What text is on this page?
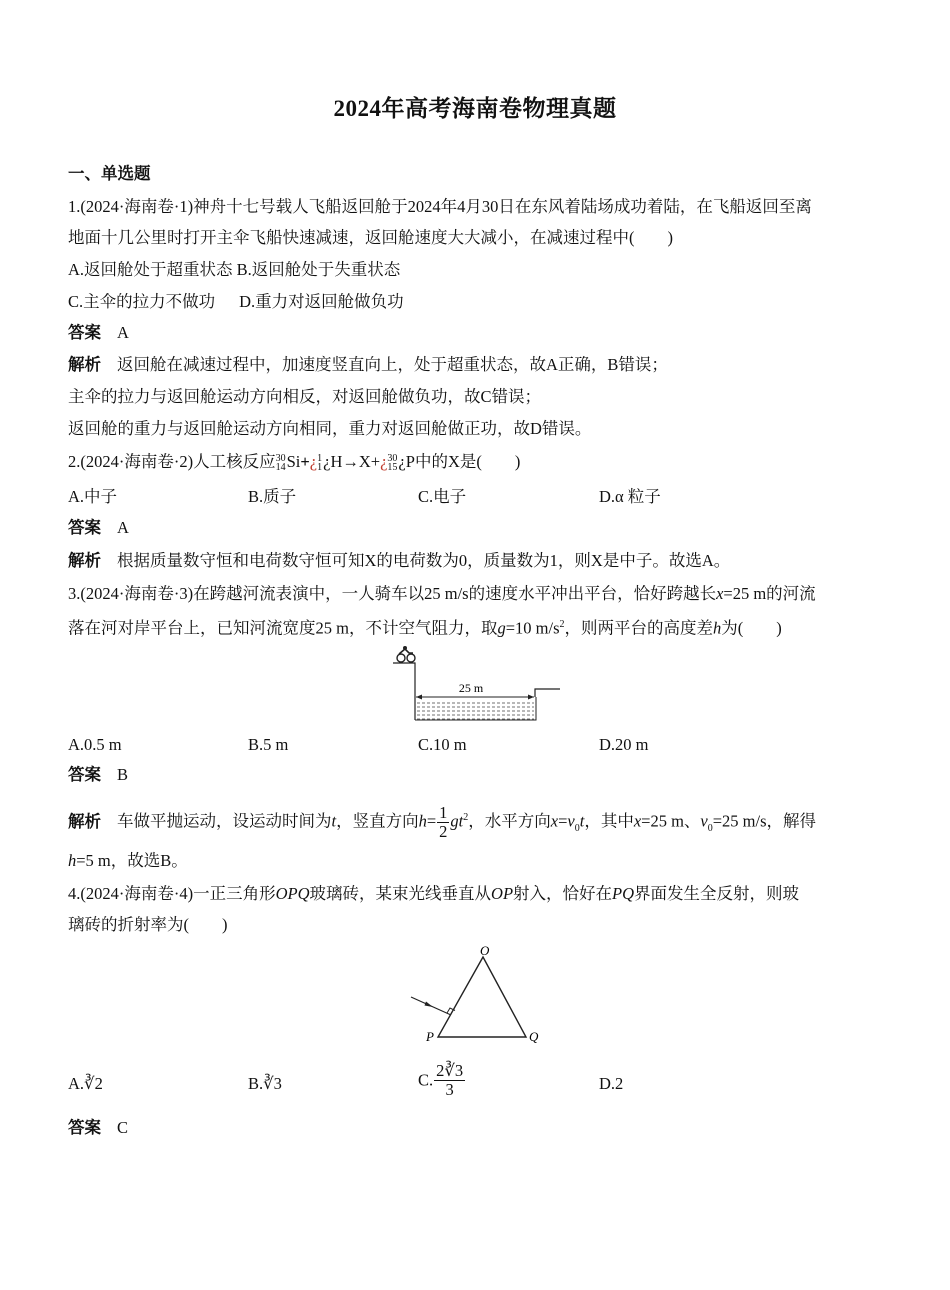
2024年高考海南卷物理真题
一、单选题
1.(2024·海南卷·1)神舟十七号载人飞船返回舱于2024年4月30日在东风着陆场成功着陆，在飞船返回至离
地面十几公里时打开主伞飞船快速减速，返回舱速度大大减小，在减速过程中(　　)
A.返回舱处于超重状态 B.返回舱处于失重状态
C.主伞的拉力不做功 D.重力对返回舱做负功
答案 A
解析 返回舱在减速过程中，加速度竖直向上，处于超重状态，故A正确，B错误；
主伞的拉力与返回舱运动方向相反，对返回舱做负功，故C错误；
返回舱的重力与返回舱运动方向相同，重力对返回舱做正功，故D错误。
2.(2024·海南卷·2)人工核反应30
14Si+¿1
1¿H→X+¿30
15¿P中的X是(　　)
A.中子	B.质子	C.电子	D.α 粒子
答案 A
解析 根据质量数守恒和电荷数守恒可知X的电荷数为0，质量数为1，则X是中子。故选A。
3.(2024·海南卷·3)在跨越河流表演中，一人骑车以25 m/s的速度水平冲出平台，恰好跨越长x=25 m的河流
落在河对岸平台上，已知河流宽度25 m，不计空气阻力，取g=10 $m/s^2$，则两平台的高度差h为(　　)
25 m
A.0.5 m	B.5 m	C.10 m	D.20 m
答案 B
解析 车做平抛运动，设运动时间为t，竖直方向$h= \frac{1}{2} gt^2$，水平方向$x=v_0t$，其中x=25 m、$v_0=25$ m/s，解得
h=5 m，故选B。
4.(2024·海南卷·4)一正三角形OPQ玻璃砖，某束光线垂直从OP射入，恰好在PQ界面发生全反射，则玻
璃砖的折射率为(　　)
O
P	Q
A.∛2	B.∛3	C. $\frac{2∛3}{3}$	D.2
答案 C
